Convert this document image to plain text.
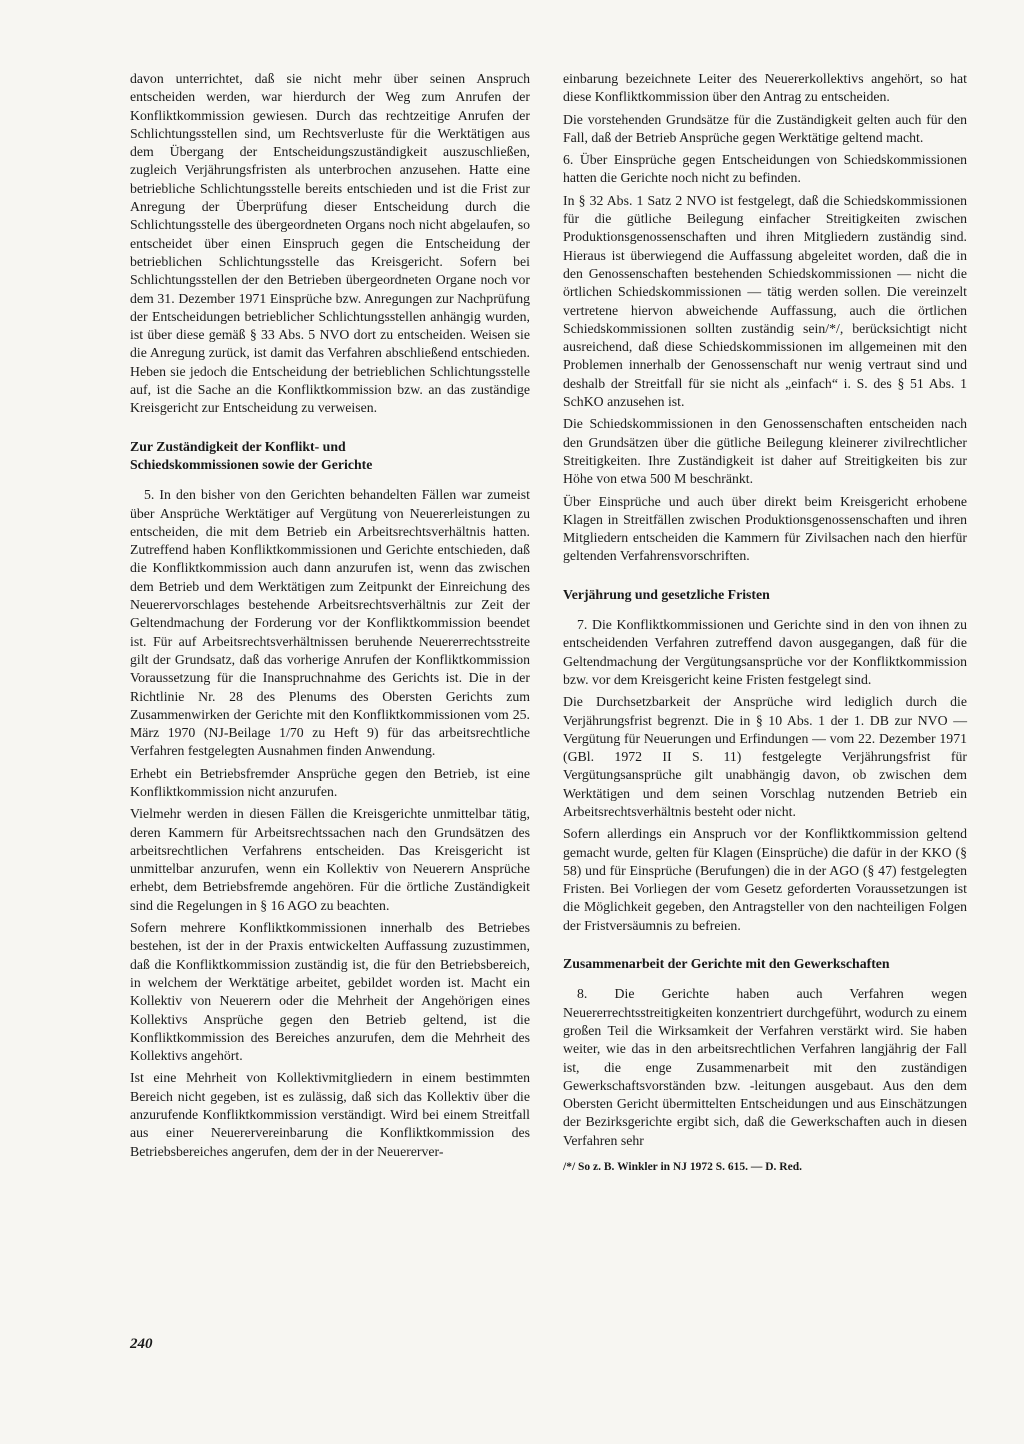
davon unterrichtet, daß sie nicht mehr über seinen Anspruch entscheiden werden, war hierdurch der Weg zum Anrufen der Konfliktkommission gewiesen. Durch das rechtzeitige Anrufen der Schlichtungsstellen sind, um Rechtsverluste für die Werktätigen aus dem Übergang der Entscheidungszuständigkeit auszuschließen, zugleich Verjährungsfristen als unterbrochen anzusehen. Hatte eine betriebliche Schlichtungsstelle bereits entschieden und ist die Frist zur Anregung der Überprüfung dieser Entscheidung durch die Schlichtungsstelle des übergeordneten Organs noch nicht abgelaufen, so entscheidet über einen Einspruch gegen die Entscheidung der betrieblichen Schlichtungsstelle das Kreisgericht. Sofern bei Schlichtungsstellen der den Betrieben übergeordneten Organe noch vor dem 31. Dezember 1971 Einsprüche bzw. Anregungen zur Nachprüfung der Entscheidungen betrieblicher Schlichtungsstellen anhängig wurden, ist über diese gemäß § 33 Abs. 5 NVO dort zu entscheiden. Weisen sie die Anregung zurück, ist damit das Verfahren abschließend entschieden. Heben sie jedoch die Entscheidung der betrieblichen Schlichtungsstelle auf, ist die Sache an die Konfliktkommission bzw. an das zuständige Kreisgericht zur Entscheidung zu verweisen.

Zur Zuständigkeit der Konflikt- und
Schiedskommissionen sowie der Gerichte

5. In den bisher von den Gerichten behandelten Fällen war zumeist über Ansprüche Werktätiger auf Vergütung von Neuererleistungen zu entscheiden, die mit dem Betrieb ein Arbeitsrechtsverhältnis hatten. Zutreffend haben Konfliktkommissionen und Gerichte entschieden, daß die Konfliktkommission auch dann anzurufen ist, wenn das zwischen dem Betrieb und dem Werktätigen zum Zeitpunkt der Einreichung des Neuerervorschlages bestehende Arbeitsrechtsverhältnis zur Zeit der Geltendmachung der Forderung vor der Konfliktkommission beendet ist. Für auf Arbeitsrechtsverhältnissen beruhende Neuererrechtsstreite gilt der Grundsatz, daß das vorherige Anrufen der Konfliktkommission Voraussetzung für die Inanspruchnahme des Gerichts ist. Die in der Richtlinie Nr. 28 des Plenums des Obersten Gerichts zum Zusammenwirken der Gerichte mit den Konfliktkommissionen vom 25. März 1970 (NJ-Beilage 1/70 zu Heft 9) für das arbeitsrechtliche Verfahren festgelegten Ausnahmen finden Anwendung.

Erhebt ein Betriebsfremder Ansprüche gegen den Betrieb, ist eine Konfliktkommission nicht anzurufen.

Vielmehr werden in diesen Fällen die Kreisgerichte unmittelbar tätig, deren Kammern für Arbeitsrechtssachen nach den Grundsätzen des arbeitsrechtlichen Verfahrens entscheiden. Das Kreisgericht ist unmittelbar anzurufen, wenn ein Kollektiv von Neuerern Ansprüche erhebt, dem Betriebsfremde angehören. Für die örtliche Zuständigkeit sind die Regelungen in § 16 AGO zu beachten.

Sofern mehrere Konfliktkommissionen innerhalb des Betriebes bestehen, ist der in der Praxis entwickelten Auffassung zuzustimmen, daß die Konfliktkommission zuständig ist, die für den Betriebsbereich, in welchem der Werktätige arbeitet, gebildet worden ist. Macht ein Kollektiv von Neuerern oder die Mehrheit der Angehörigen eines Kollektivs Ansprüche gegen den Betrieb geltend, ist die Konfliktkommission des Bereiches anzurufen, dem die Mehrheit des Kollektivs angehört.

Ist eine Mehrheit von Kollektivmitgliedern in einem bestimmten Bereich nicht gegeben, ist es zulässig, daß sich das Kollektiv über die anzurufende Konfliktkommission verständigt. Wird bei einem Streitfall aus einer Neuerervereinbarung die Konfliktkommission des Betriebsbereiches angerufen, dem der in der Neuererver-

einbarung bezeichnete Leiter des Neuererkollektivs angehört, so hat diese Konfliktkommission über den Antrag zu entscheiden.

Die vorstehenden Grundsätze für die Zuständigkeit gelten auch für den Fall, daß der Betrieb Ansprüche gegen Werktätige geltend macht.

6. Über Einsprüche gegen Entscheidungen von Schiedskommissionen hatten die Gerichte noch nicht zu befinden.

In § 32 Abs. 1 Satz 2 NVO ist festgelegt, daß die Schiedskommissionen für die gütliche Beilegung einfacher Streitigkeiten zwischen Produktionsgenossenschaften und ihren Mitgliedern zuständig sind. Hieraus ist überwiegend die Auffassung abgeleitet worden, daß die in den Genossenschaften bestehenden Schiedskommissionen — nicht die örtlichen Schiedskommissionen — tätig werden sollen. Die vereinzelt vertretene hiervon abweichende Auffassung, auch die örtlichen Schiedskommissionen sollten zuständig sein/*/, berücksichtigt nicht ausreichend, daß diese Schiedskommissionen im allgemeinen mit den Problemen innerhalb der Genossenschaft nur wenig vertraut sind und deshalb der Streitfall für sie nicht als „einfach“ i. S. des § 51 Abs. 1 SchKO anzusehen ist.

Die Schiedskommissionen in den Genossenschaften entscheiden nach den Grundsätzen über die gütliche Beilegung kleinerer zivilrechtlicher Streitigkeiten. Ihre Zuständigkeit ist daher auf Streitigkeiten bis zur Höhe von etwa 500 M beschränkt.

Über Einsprüche und auch über direkt beim Kreisgericht erhobene Klagen in Streitfällen zwischen Produktionsgenossenschaften und ihren Mitgliedern entscheiden die Kammern für Zivilsachen nach den hierfür geltenden Verfahrensvorschriften.

Verjährung und gesetzliche Fristen

7. Die Konfliktkommissionen und Gerichte sind in den von ihnen zu entscheidenden Verfahren zutreffend davon ausgegangen, daß für die Geltendmachung der Vergütungsansprüche vor der Konfliktkommission bzw. vor dem Kreisgericht keine Fristen festgelegt sind.

Die Durchsetzbarkeit der Ansprüche wird lediglich durch die Verjährungsfrist begrenzt. Die in § 10 Abs. 1 der 1. DB zur NVO — Vergütung für Neuerungen und Erfindungen — vom 22. Dezember 1971 (GBl. 1972 II S. 11) festgelegte Verjährungsfrist für Vergütungsansprüche gilt unabhängig davon, ob zwischen dem Werktätigen und dem seinen Vorschlag nutzenden Betrieb ein Arbeitsrechtsverhältnis besteht oder nicht.

Sofern allerdings ein Anspruch vor der Konfliktkommission geltend gemacht wurde, gelten für Klagen (Einsprüche) die dafür in der KKO (§ 58) und für Einsprüche (Berufungen) die in der AGO (§ 47) festgelegten Fristen. Bei Vorliegen der vom Gesetz geforderten Voraussetzungen ist die Möglichkeit gegeben, den Antragsteller von den nachteiligen Folgen der Fristversäumnis zu befreien.

Zusammenarbeit der Gerichte mit den Gewerkschaften

8. Die Gerichte haben auch Verfahren wegen Neuererrechtsstreitigkeiten konzentriert durchgeführt, wodurch zu einem großen Teil die Wirksamkeit der Verfahren verstärkt wird. Sie haben weiter, wie das in den arbeitsrechtlichen Verfahren langjährig der Fall ist, die enge Zusammenarbeit mit den zuständigen Gewerkschaftsvorständen bzw. -leitungen ausgebaut. Aus den dem Obersten Gericht übermittelten Entscheidungen und aus Einschätzungen der Bezirksgerichte ergibt sich, daß die Gewerkschaften auch in diesen Verfahren sehr

/*/ So z. B. Winkler in NJ 1972 S. 615. — D. Red.
240
